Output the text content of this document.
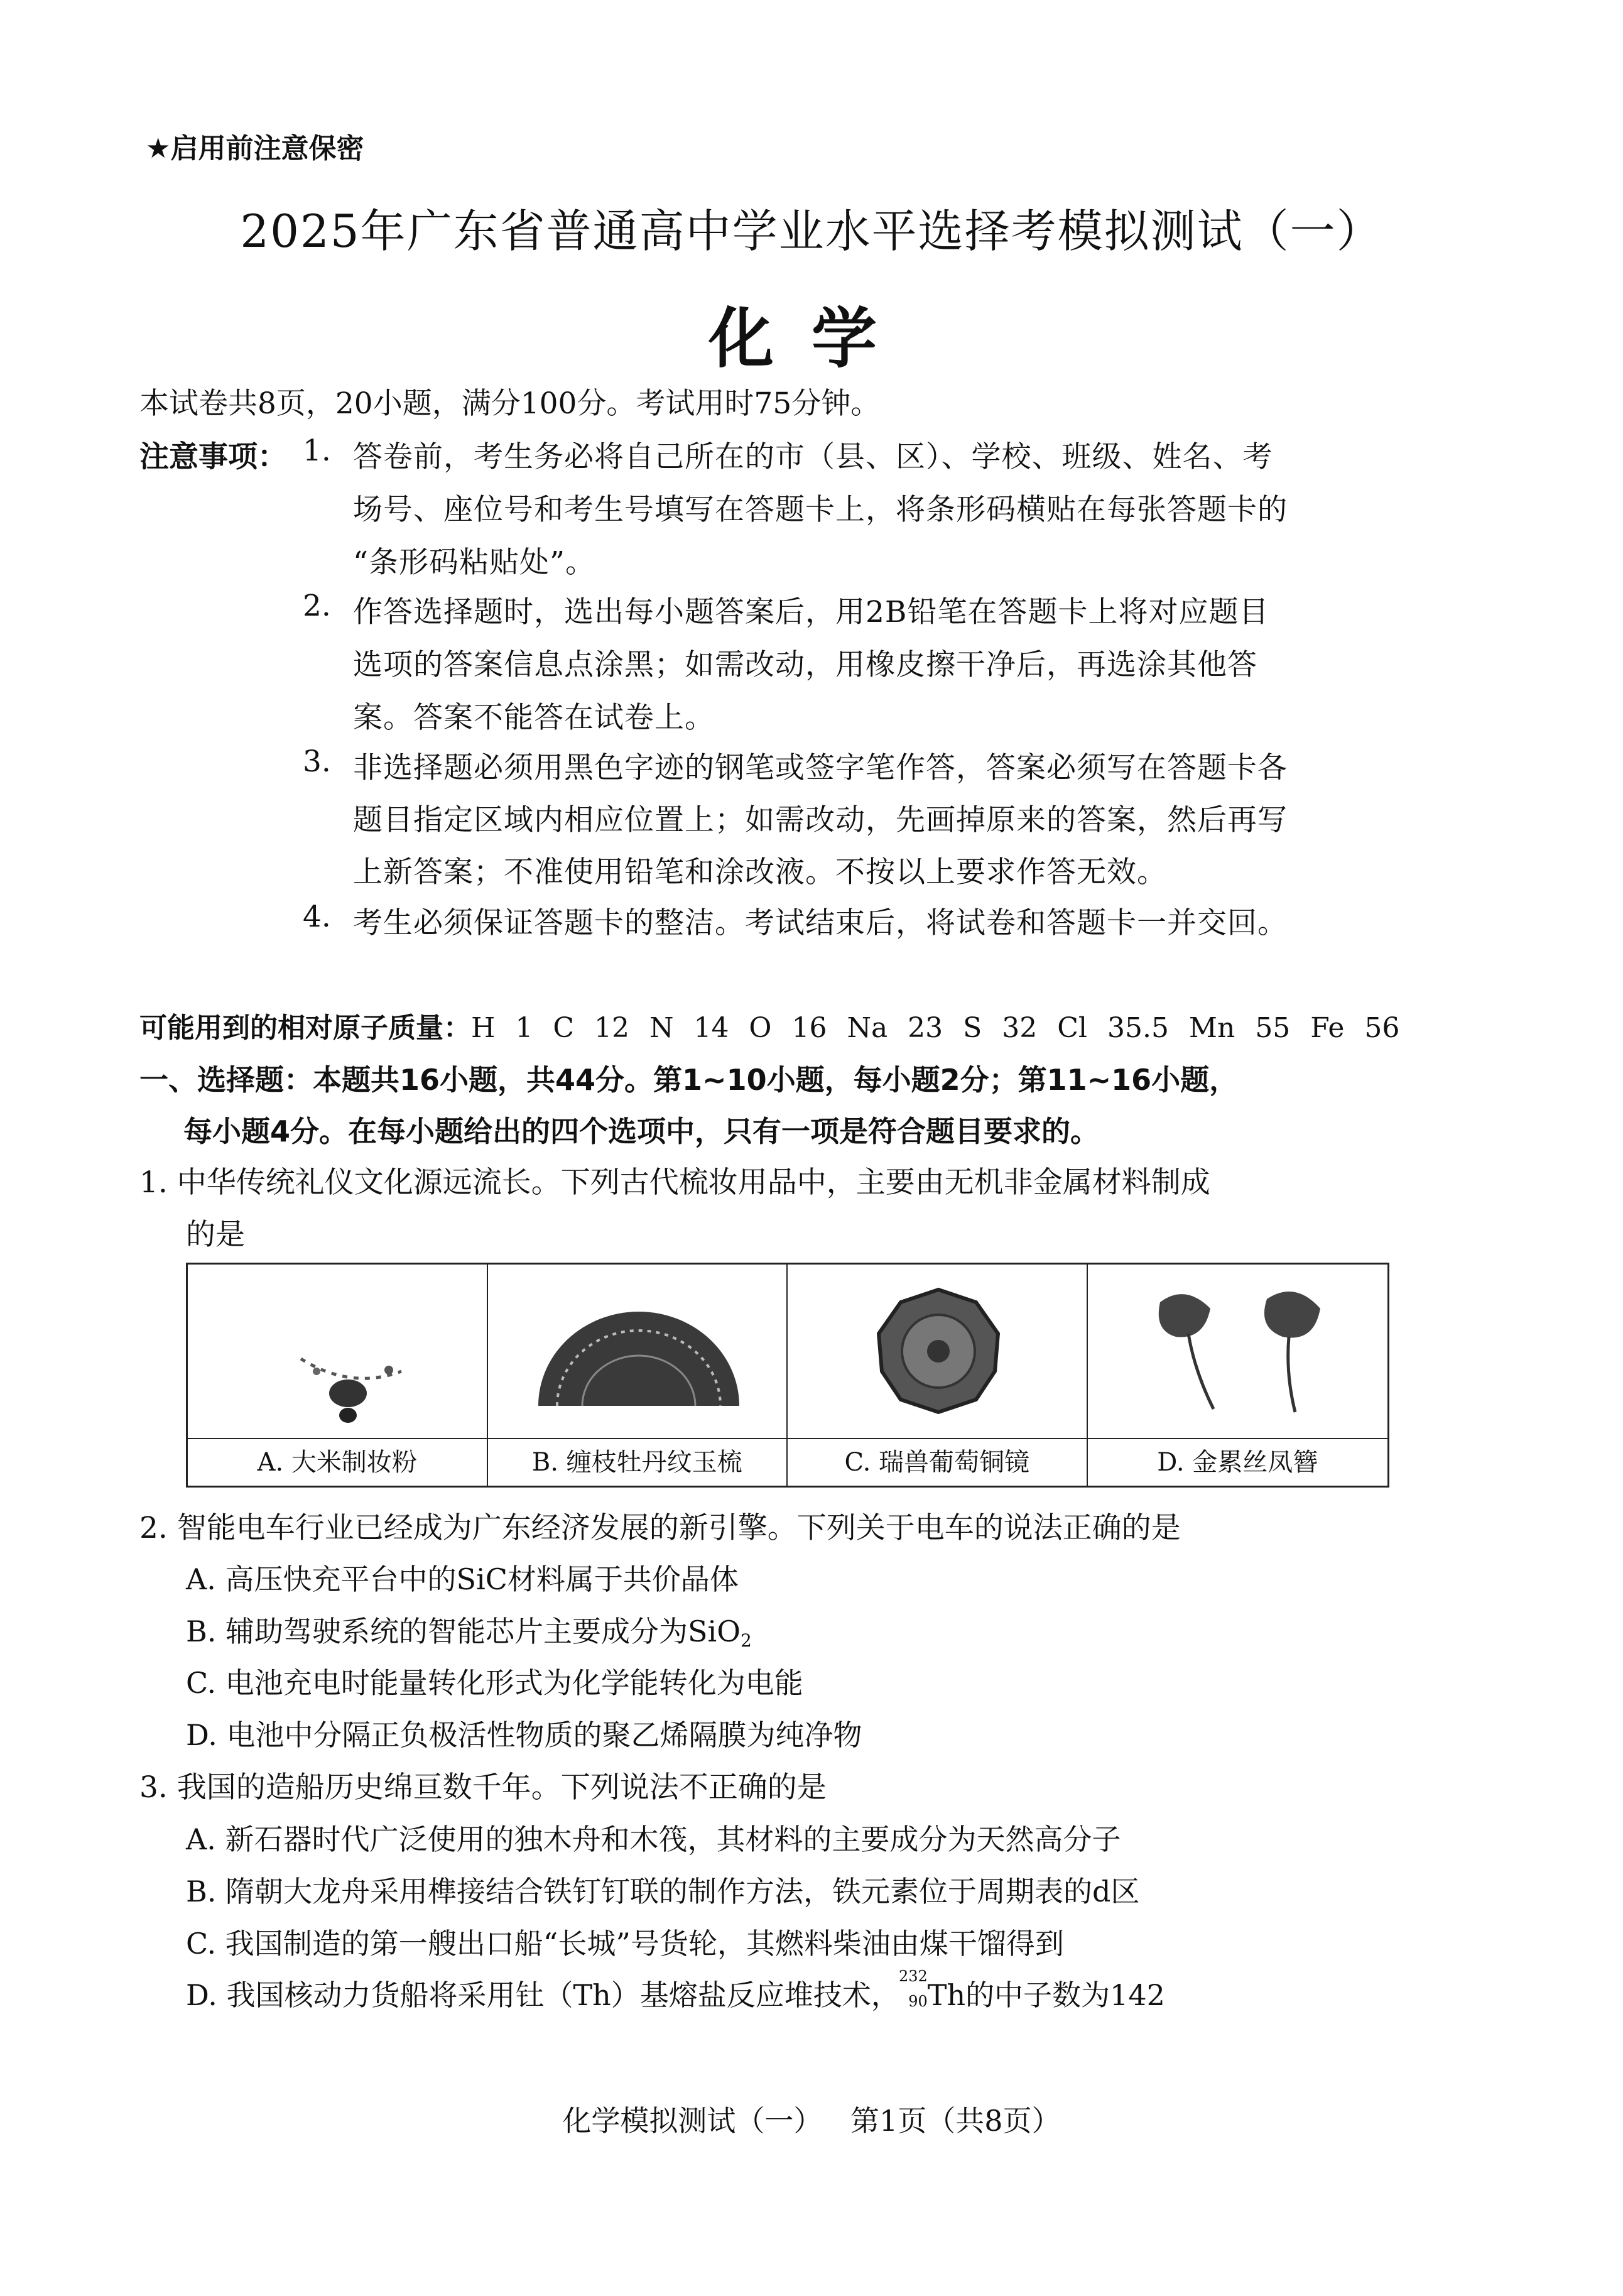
★启用前注意保密
2025年广东省普通高中学业水平选择考模拟测试（一）
化学
本试卷共8页，20小题，满分100分。考试用时75分钟。
注意事项： 1. 答卷前，考生务必将自己所在的市（县、区）、学校、班级、姓名、考
场号、座位号和考生号填写在答题卡上，将条形码横贴在每张答题卡的
“条形码粘贴处”。
2. 作答选择题时，选出每小题答案后，用2B铅笔在答题卡上将对应题目
选项的答案信息点涂黑；如需改动，用橡皮擦干净后，再选涂其他答
案。答案不能答在试卷上。
3. 非选择题必须用黑色字迹的钢笔或签字笔作答，答案必须写在答题卡各
题目指定区域内相应位置上；如需改动，先画掉原来的答案，然后再写
上新答案；不准使用铅笔和涂改液。不按以上要求作答无效。
4. 考生必须保证答题卡的整洁。考试结束后，将试卷和答题卡一并交回。
可能用到的相对原子质量：H 1 C 12 N 14 O 16 Na 23 S 32 Cl 35.5 Mn 55 Fe 56
一、选择题：本题共16小题，共44分。第1~10小题，每小题2分；第11~16小题，
每小题4分。在每小题给出的四个选项中，只有一项是符合题目要求的。
1. 中华传统礼仪文化源远流长。下列古代梳妆用品中，主要由无机非金属材料制成
的是
A. 大米制妆粉	B. 缠枝牡丹纹玉梳	C. 瑞兽葡萄铜镜	D. 金累丝凤簪
2. 智能电车行业已经成为广东经济发展的新引擎。下列关于电车的说法正确的是
A. 高压快充平台中的SiC材料属于共价晶体
B. 辅助驾驶系统的智能芯片主要成分为SiO$_2$
C. 电池充电时能量转化形式为化学能转化为电能
D. 电池中分隔正负极活性物质的聚乙烯隔膜为纯净物
3. 我国的造船历史绵亘数千年。下列说法不正确的是
A. 新石器时代广泛使用的独木舟和木筏，其材料的主要成分为天然高分子
B. 隋朝大龙舟采用榫接结合铁钉钉联的制作方法，铁元素位于周期表的d区
C. 我国制造的第一艘出口船“长城”号货轮，其燃料柴油由煤干馏得到
D. 我国核动力货船将采用钍（Th）基熔盐反应堆技术，
232
90 Th的中子数为142
化学模拟测试（一） 第1页（共8页）
